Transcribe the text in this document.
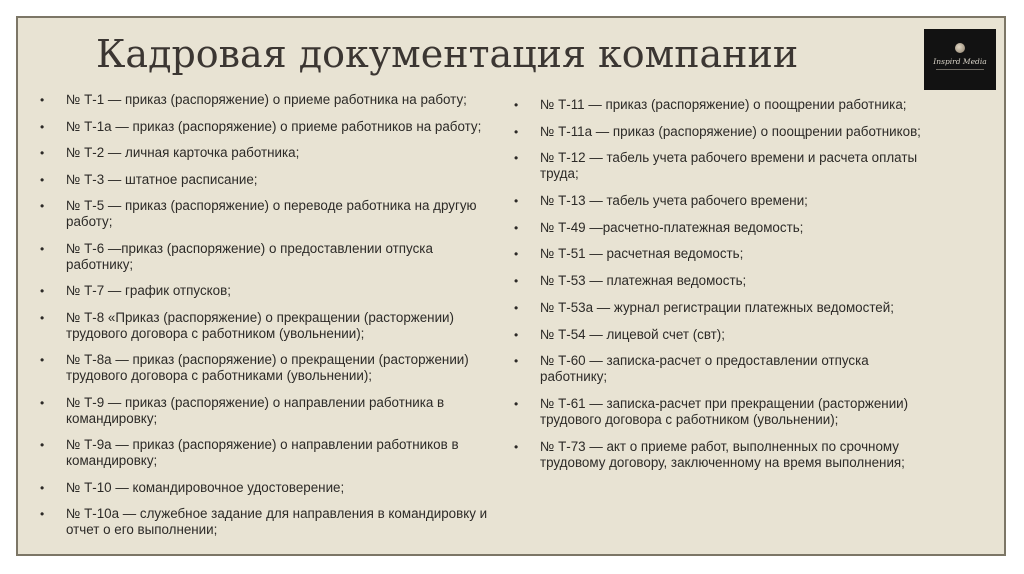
Кадровая документация компании	Inspird Media
• № Т-1 — приказ (распоряжение) о приеме работника на работу;
• № Т-1а — приказ (распоряжение) о приеме работников на работу;
• № Т-2 — личная карточка работника;
• № Т-3 — штатное расписание;
• № Т-5 — приказ (распоряжение) о переводе работника на другую работу;
• № Т-6 —приказ (распоряжение) о предоставлении отпуска работнику;
• № Т-7 — график отпусков;
• № Т-8 «Приказ (распоряжение) о прекращении (расторжении) трудового договора с работником (увольнении);
• № Т-8а — приказ (распоряжение) о прекращении (расторжении) трудового договора с работниками (увольнении);
• № Т-9 — приказ (распоряжение) о направлении работника в командировку;
• № Т-9а — приказ (распоряжение) о направлении работников в командировку;
• № Т-10 — командировочное удостоверение;
• № Т-10а — служебное задание для направления в командировку и отчет о его выполнении;
• № Т-11 — приказ (распоряжение) о поощрении работника;
• № Т-11а — приказ (распоряжение) о поощрении работников;
• № Т-12 — табель учета рабочего времени и расчета оплаты труда;
• № Т-13 — табель учета рабочего времени;
• № Т-49 —расчетно-платежная ведомость;
• № Т-51 — расчетная ведомость;
• № Т-53 — платежная ведомость;
• № Т-53а — журнал регистрации платежных ведомостей;
• № Т-54 — лицевой счет (свт);
• № Т-60 — записка-расчет о предоставлении отпуска работнику;
• № Т-61 — записка-расчет при прекращении (расторжении) трудового договора с работником (увольнении);
• № Т-73 — акт о приеме работ, выполненных по срочному трудовому договору, заключенному на время выполнения;
